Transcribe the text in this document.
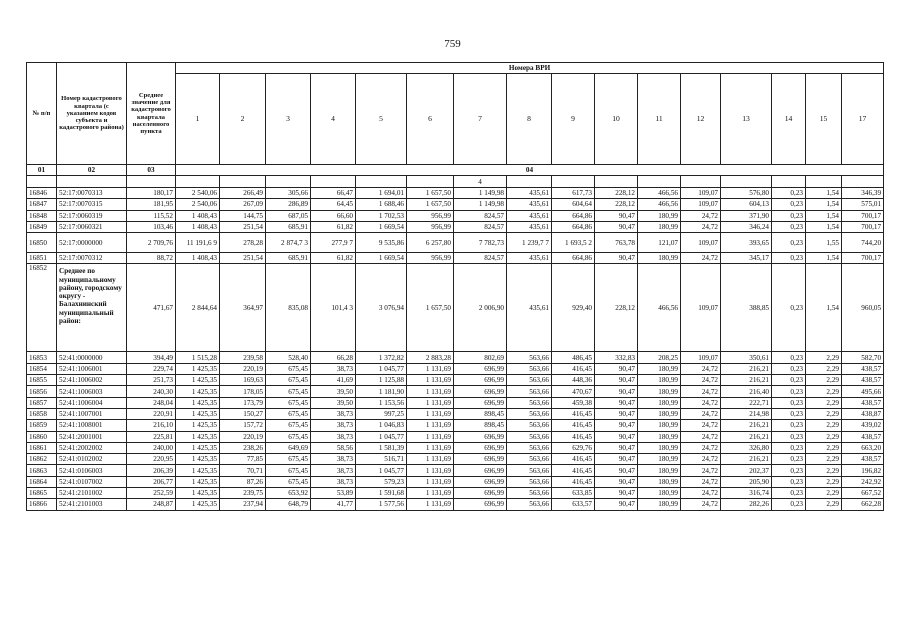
759
№ п/п	Номер кадастрового квартала (с указанием кодов субъекта и кадастрового района)	Среднее значение для кадастрового квартала населенного пункта	Номера ВРИ															
			1	2	3	4	5	6	7	8	9	10	11	12	13	14	15	17
01	02	03	04															
									4									
16846	52:17:0070313	180,17	2 540,06	266,49	305,66	66,47	1 694,01	1 657,50	1 149,98	435,61	617,73	228,12	466,56	109,07	576,80	0,23	1,54	346,39
16847	52:17:0070315	181,95	2 540,06	267,09	286,89	64,45	1 688,46	1 657,50	1 149,98	435,61	604,64	228,12	466,56	109,07	604,13	0,23	1,54	575,01
16848	52:17:0060319	115,52	1 408,43	144,75	687,05	66,60	1 702,53	956,99	824,57	435,61	664,86	90,47	180,99	24,72	371,90	0,23	1,54	700,17
16849	52:17:0060321	103,46	1 408,43	251,54	685,91	61,82	1 669,54	956,99	824,57	435,61	664,86	90,47	180,99	24,72	346,24	0,23	1,54	700,17
16850	52:17:0000000	2 709,76	11 191,6 9	278,28	2 874,7 3	277,9 7	9 535,86	6 257,80	7 782,73	1 239,7 7	1 693,5 2	763,78	121,07	109,07	393,65	0,23	1,55	744,20
16851	52:17:0070312	88,72	1 408,43	251,54	685,91	61,82	1 669,54	956,99	824,57	435,61	664,86	90,47	180,99	24,72	345,17	0,23	1,54	700,17
16852	Среднее по муниципальному району, городскому округу - Балахнинский муниципальный район:	471,67	2 844,64	364,97	835,08	101,4 3	3 076,94	1 657,50	2 006,90	435,61	929,40	228,12	466,56	109,07	388,85	0,23	1,54	960,05
16853	52:41:0000000	394,49	1 515,28	239,58	528,40	66,28	1 372,82	2 883,28	802,69	563,66	486,45	332,83	208,25	109,07	350,61	0,23	2,29	582,70
16854	52:41:1006001	229,74	1 425,35	220,19	675,45	38,73	1 045,77	1 131,69	696,99	563,66	416,45	90,47	180,99	24,72	216,21	0,23	2,29	438,57
16855	52:41:1006002	251,73	1 425,35	169,63	675,45	41,69	1 125,88	1 131,69	696,99	563,66	448,36	90,47	180,99	24,72	216,21	0,23	2,29	438,57
16856	52:41:1006003	240,30	1 425,35	178,05	675,45	39,50	1 181,90	1 131,69	696,99	563,66	470,67	90,47	180,99	24,72	216,40	0,23	2,29	495,66
16857	52:41:1006004	248,04	1 425,35	173,79	675,45	39,50	1 153,56	1 131,69	696,99	563,66	459,38	90,47	180,99	24,72	222,71	0,23	2,29	438,57
16858	52:41:1007001	220,91	1 425,35	150,27	675,45	38,73	997,25	1 131,69	898,45	563,66	416,45	90,47	180,99	24,72	214,98	0,23	2,29	438,87
16859	52:41:1008001	216,10	1 425,35	157,72	675,45	38,73	1 046,83	1 131,69	898,45	563,66	416,45	90,47	180,99	24,72	216,21	0,23	2,29	439,02
16860	52:41:2001001	225,81	1 425,35	220,19	675,45	38,73	1 045,77	1 131,69	696,99	563,66	416,45	90,47	180,99	24,72	216,21	0,23	2,29	438,57
16861	52:41:2002002	240,00	1 425,35	238,26	649,69	58,56	1 581,39	1 131,69	696,99	563,66	629,76	90,47	180,99	24,72	326,80	0,23	2,29	663,20
16862	52:41:0102002	220,95	1 425,35	77,85	675,45	38,73	516,71	1 131,69	696,99	563,66	416,45	90,47	180,99	24,72	216,21	0,23	2,29	438,57
16863	52:41:0106003	206,39	1 425,35	70,71	675,45	38,73	1 045,77	1 131,69	696,99	563,66	416,45	90,47	180,99	24,72	202,37	0,23	2,29	196,82
16864	52:41:0107002	206,77	1 425,35	87,26	675,45	38,73	579,23	1 131,69	696,99	563,66	416,45	90,47	180,99	24,72	205,90	0,23	2,29	242,92
16865	52:41:2101002	252,59	1 425,35	239,75	653,92	53,89	1 591,68	1 131,69	696,99	563,66	633,85	90,47	180,99	24,72	316,74	0,23	2,29	667,52
16866	52:41:2101003	248,87	1 425,35	237,94	648,79	41,77	1 577,56	1 131,69	696,99	563,66	633,57	90,47	180,99	24,72	282,26	0,23	2,29	662,28
